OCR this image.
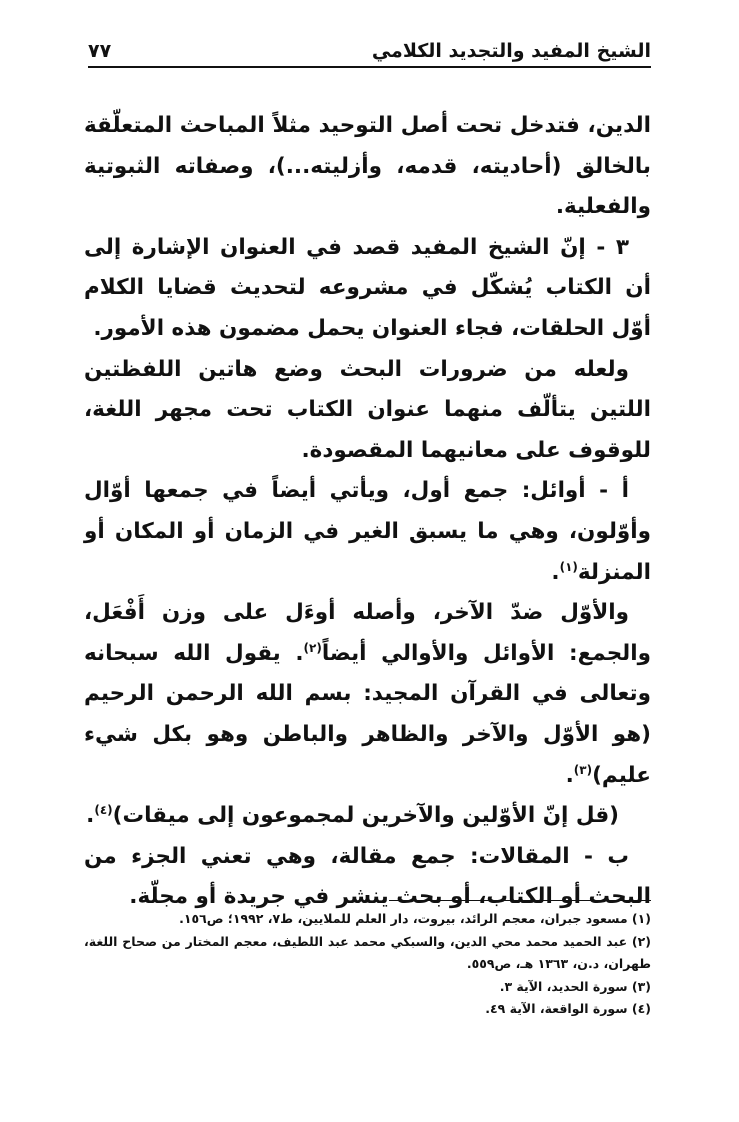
الشيخ المفيد والتجديد الكلامي
٧٧

الدين، فتدخل تحت أصل التوحيد مثلاً المباحث المتعلّقة بالخالق (أحاديته، قدمه، وأزليته...)، وصفاته الثبوتية والفعلية.

٣ - إنّ الشيخ المفيد قصد في العنوان الإشارة إلى أن الكتاب يُشكّل في مشروعه لتحديث قضايا الكلام أوّل الحلقات، فجاء العنوان يحمل مضمون هذه الأمور.

ولعله من ضرورات البحث وضع هاتين اللفظتين اللتين يتألّف منهما عنوان الكتاب تحت مجهر اللغة، للوقوف على معانيهما المقصودة.

أ - أوائل: جمع أول، ويأتي أيضاً في جمعها أوّال وأوّلون، وهي ما يسبق الغير في الزمان أو المكان أو المنزلة$^{(١)}$.

والأوّل ضدّ الآخر، وأصله أوءَل على وزن أَفْعَل، والجمع: الأوائل والأوالي أيضاً$^{(٢)}$. يقول الله سبحانه وتعالى في القرآن المجيد: بسم الله الرحمن الرحيم (هو الأوّل والآخر والظاهر والباطن وهو بكل شيء عليم)$^{(٣)}$.

(قل إنّ الأوّلين والآخرين لمجموعون إلى ميقات)$^{(٤)}$.

ب - المقالات: جمع مقالة، وهي تعني الجزء من البحث أو الكتاب، أو بحث ينشر في جريدة أو مجلّة.

(١) مسعود جبران، معجم الرائد، بيروت، دار العلم للملايين، ط٧، ١٩٩٢؛ ص١٥٦.

(٢) عبد الحميد محمد محي الدين، والسبكي محمد عبد اللطيف، معجم المختار من صحاح اللغة، طهران، د.ن، ١٣٦٣ هـ، ص٥٥٩.

(٣) سورة الحديد، الآية ٣.

(٤) سورة الواقعة، الآية ٤٩.
